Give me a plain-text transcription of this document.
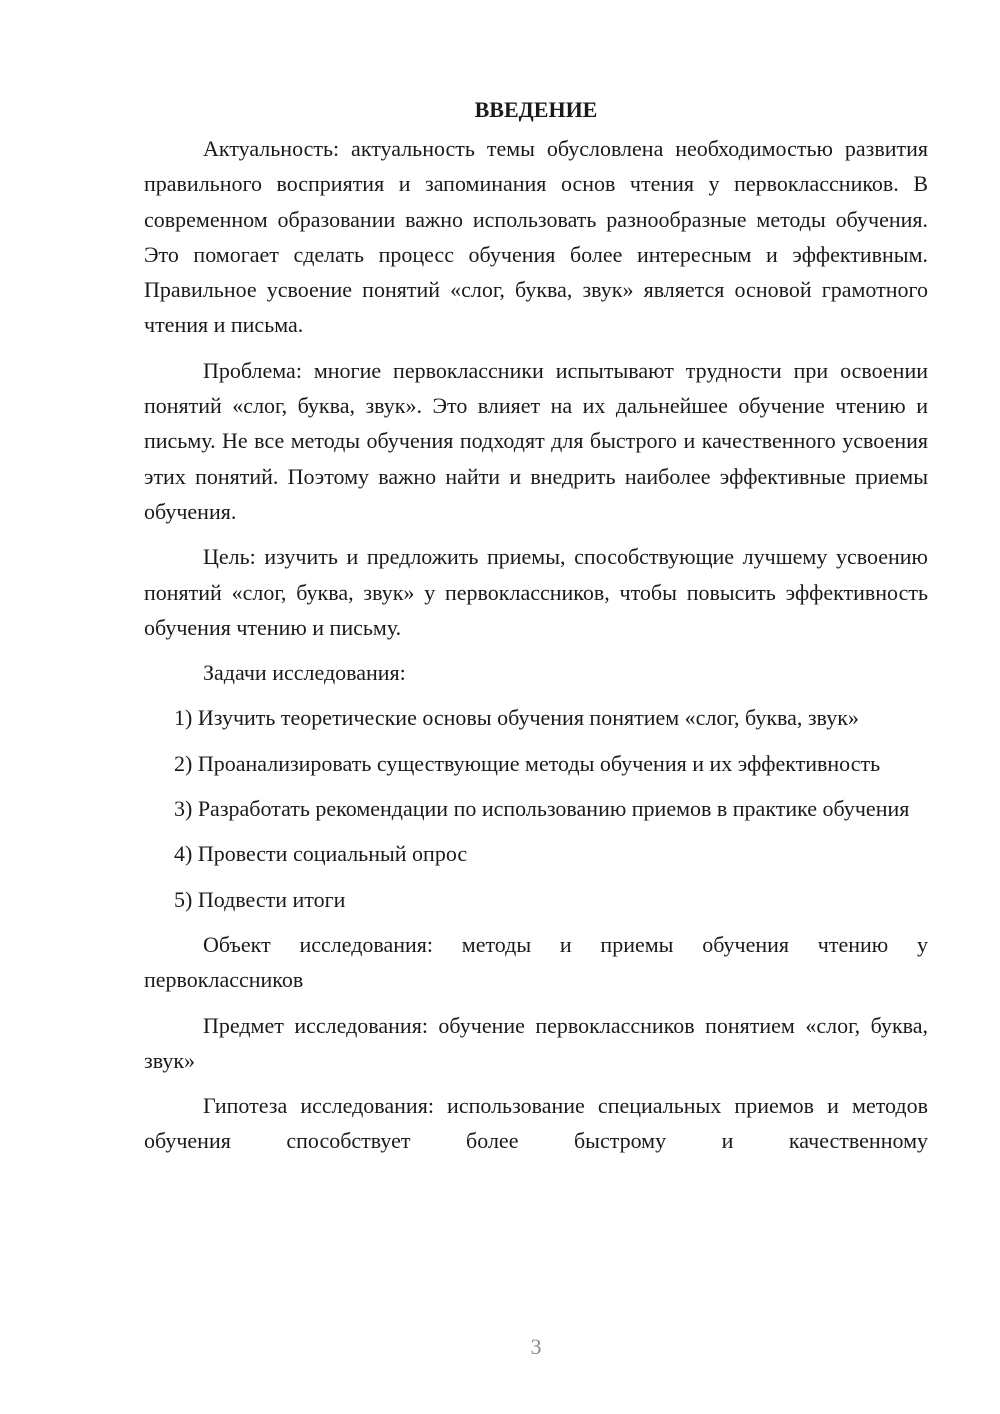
ВВЕДЕНИЕ

Актуальность: актуальность темы обусловлена необходимостью развития правильного восприятия и запоминания основ чтения у первоклассников. В современном образовании важно использовать разнообразные методы обучения. Это помогает сделать процесс обучения более интересным и эффективным. Правильное усвоение понятий «слог, буква, звук» является основой грамотного чтения и письма.

Проблема: многие первоклассники испытывают трудности при освоении понятий «слог, буква, звук». Это влияет на их дальнейшее обучение чтению и письму. Не все методы обучения подходят для быстрого и качественного усвоения этих понятий. Поэтому важно найти и внедрить наиболее эффективные приемы обучения.

Цель: изучить и предложить приемы, способствующие лучшему усвоению понятий «слог, буква, звук» у первоклассников, чтобы повысить эффективность обучения чтению и письму.

Задачи исследования:

1) Изучить теоретические основы обучения понятием «слог, буква, звук»

2) Проанализировать существующие методы обучения и их эффективность

3) Разработать рекомендации по использованию приемов в практике обучения

4) Провести социальный опрос

5) Подвести итоги

Объект исследования: методы и приемы обучения чтению у первоклассников

Предмет исследования: обучение первоклассников понятием «слог, буква, звук»

Гипотеза исследования: использование специальных приемов и методов обучения способствует более быстрому и качественному

3
